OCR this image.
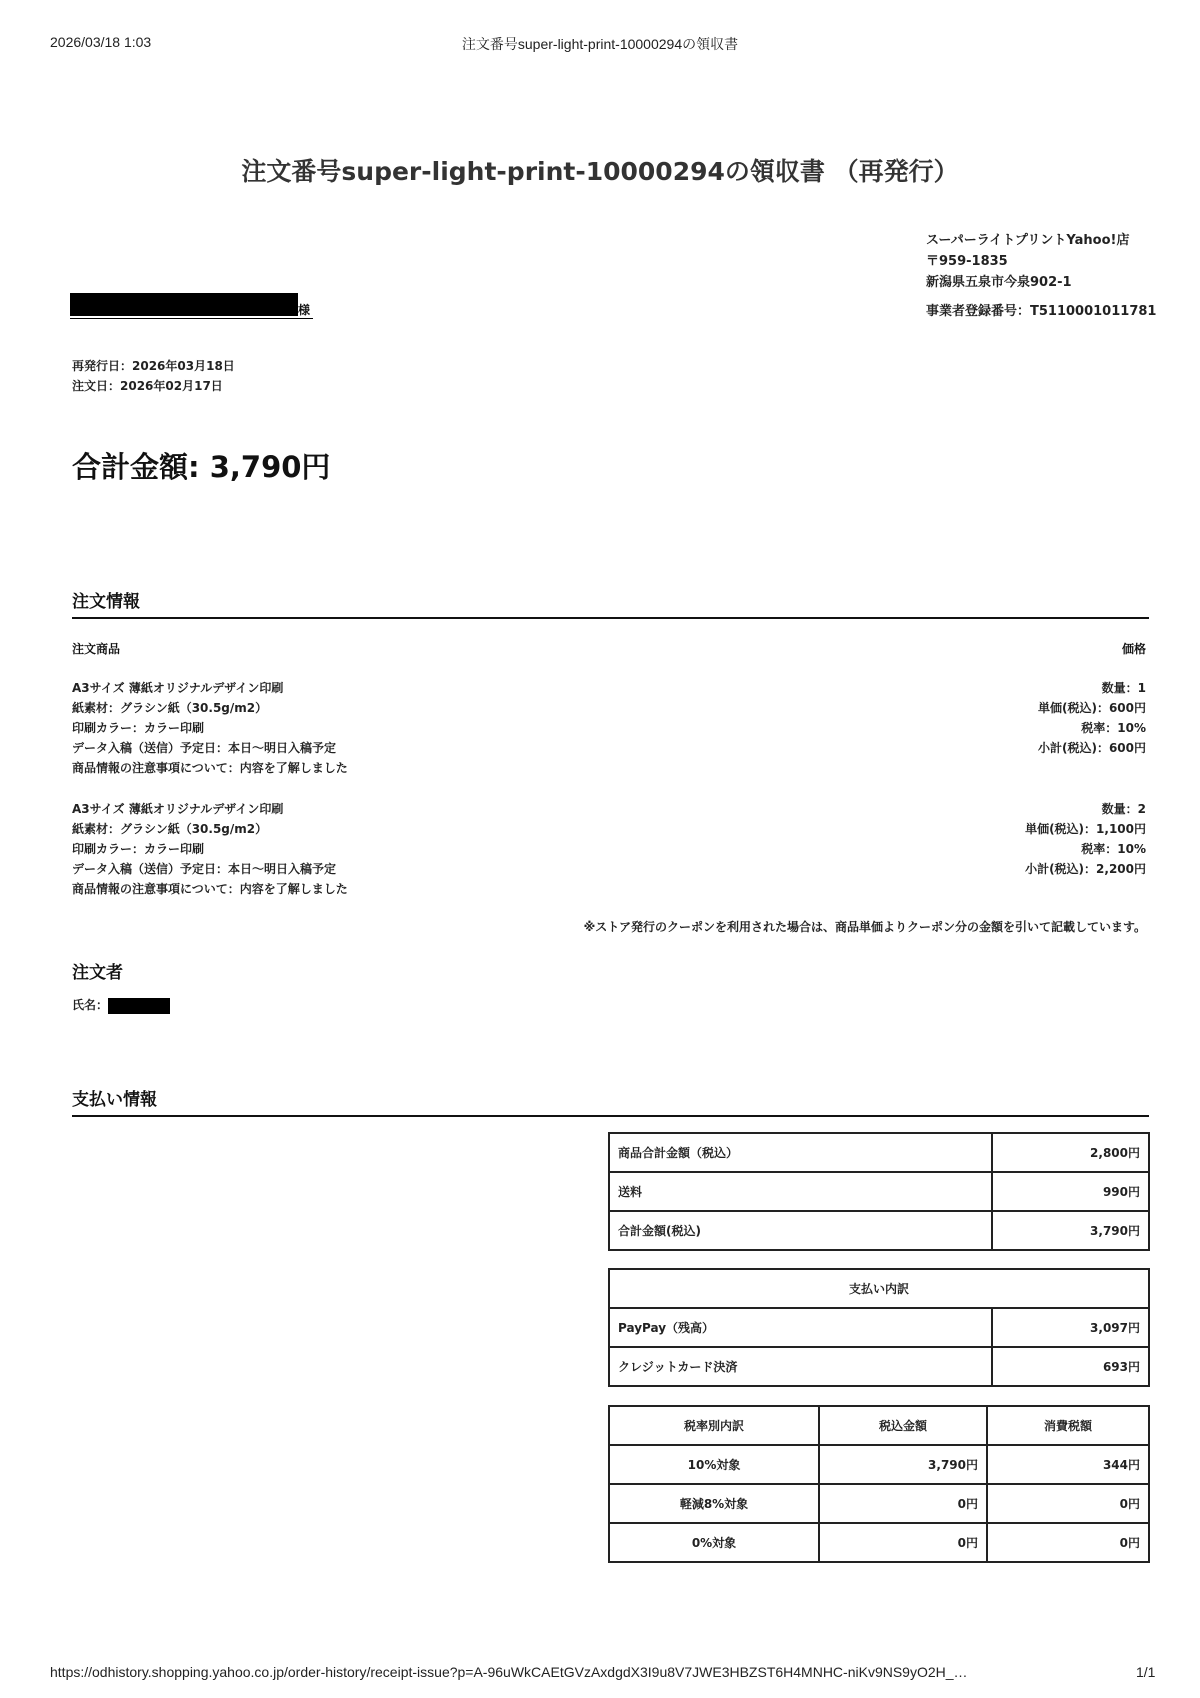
2026/03/18 1:03	注文番号super-light-print-10000294の領収書
注文番号super-light-print-10000294の領収書 （再発行）
スーパーライトプリントYahoo!店
〒959-1835
新潟県五泉市今泉902-1
事業者登録番号：T5110001011781
様
再発行日：2026年03月18日
注文日：2026年02月17日
合計金額: 3,790円
注文情報
注文商品	価格
A3サイズ 薄紙オリジナルデザイン印刷
紙素材：グラシン紙（30.5g/m2）
印刷カラー：カラー印刷
データ入稿（送信）予定日：本日〜明日入稿予定
商品情報の注意事項について：内容を了解しました
数量：1
単価(税込)：600円
税率：10%
小計(税込)：600円
A3サイズ 薄紙オリジナルデザイン印刷
紙素材：グラシン紙（30.5g/m2）
印刷カラー：カラー印刷
データ入稿（送信）予定日：本日〜明日入稿予定
商品情報の注意事項について：内容を了解しました
数量：2
単価(税込)：1,100円
税率：10%
小計(税込)：2,200円
※ストア発行のクーポンを利用された場合は、商品単価よりクーポン分の金額を引いて記載しています。
注文者
氏名：
支払い情報
商品合計金額（税込）	2,800円
送料	990円
合計金額(税込)	3,790円
支払い内訳	
PayPay（残高）	3,097円
クレジットカード決済	693円
税率別内訳	税込金額	消費税額
10%対象	3,790円	344円
軽減8%対象	0円	0円
0%対象	0円	0円
https://odhistory.shopping.yahoo.co.jp/order-history/receipt-issue?p=A-96uWkCAEtGVzAxdgdX3I9u8V7JWE3HBZST6H4MNHC-niKv9NS9yO2H_…	1/1
